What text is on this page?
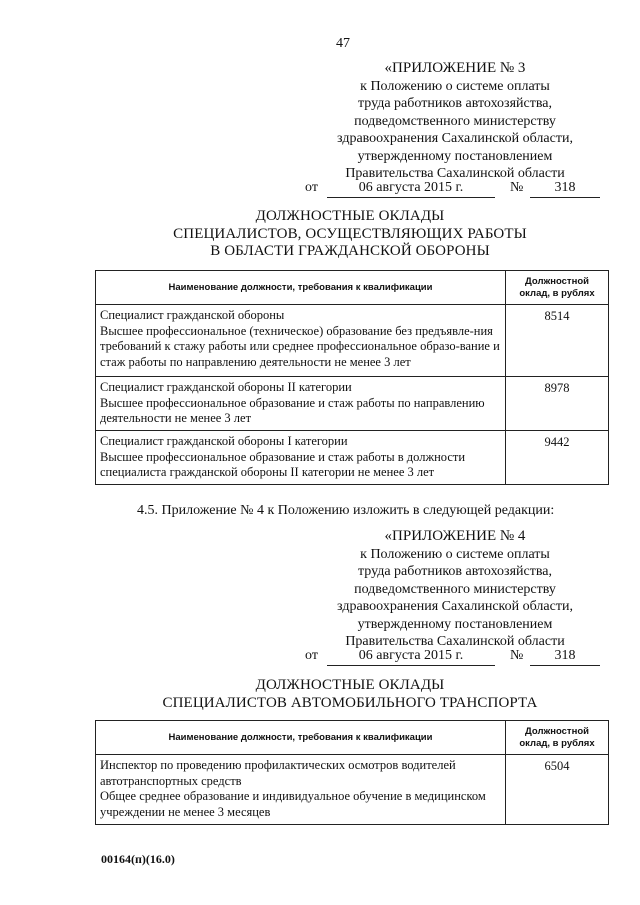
47
«ПРИЛОЖЕНИЕ № 3
к Положению о системе оплаты
труда работников автохозяйства,
подведомственного министерству
здравоохранения Сахалинской области,
утвержденному постановлением
Правительства Сахалинской области
от	06 августа 2015 г.	№	318
ДОЛЖНОСТНЫЕ ОКЛАДЫ
СПЕЦИАЛИСТОВ, ОСУЩЕСТВЛЯЮЩИХ РАБОТЫ
В ОБЛАСТИ ГРАЖДАНСКОЙ ОБОРОНЫ
Наименование должности, требования к квалификации	Должностной оклад, в рублях

Специалист гражданской обороны
Высшее профессиональное (техническое) образование без предъявле-ния требований к стажу работы или среднее профессиональное образо-вание и стаж работы по направлению деятельности не менее 3 лет	8514

Специалист гражданской обороны II категории
Высшее профессиональное образование и стаж работы по направлению деятельности не менее 3 лет	8978

Специалист гражданской обороны I категории
Высшее профессиональное образование и стаж работы в должности специалиста гражданской обороны II категории не менее 3 лет	9442
4.5. Приложение № 4 к Положению изложить в следующей редакции:
«ПРИЛОЖЕНИЕ № 4
к Положению о системе оплаты
труда работников автохозяйства,
подведомственного министерству
здравоохранения Сахалинской области,
утвержденному постановлением
Правительства Сахалинской области
от	06 августа 2015 г.	№	318
ДОЛЖНОСТНЫЕ ОКЛАДЫ
СПЕЦИАЛИСТОВ АВТОМОБИЛЬНОГО ТРАНСПОРТА
Наименование должности, требования к квалификации	Должностной оклад, в рублях

Инспектор по проведению профилактических осмотров водителей автотранспортных средств
Общее среднее образование и индивидуальное обучение в медицинском учреждении не менее 3 месяцев	6504
00164(п)(16.0)
